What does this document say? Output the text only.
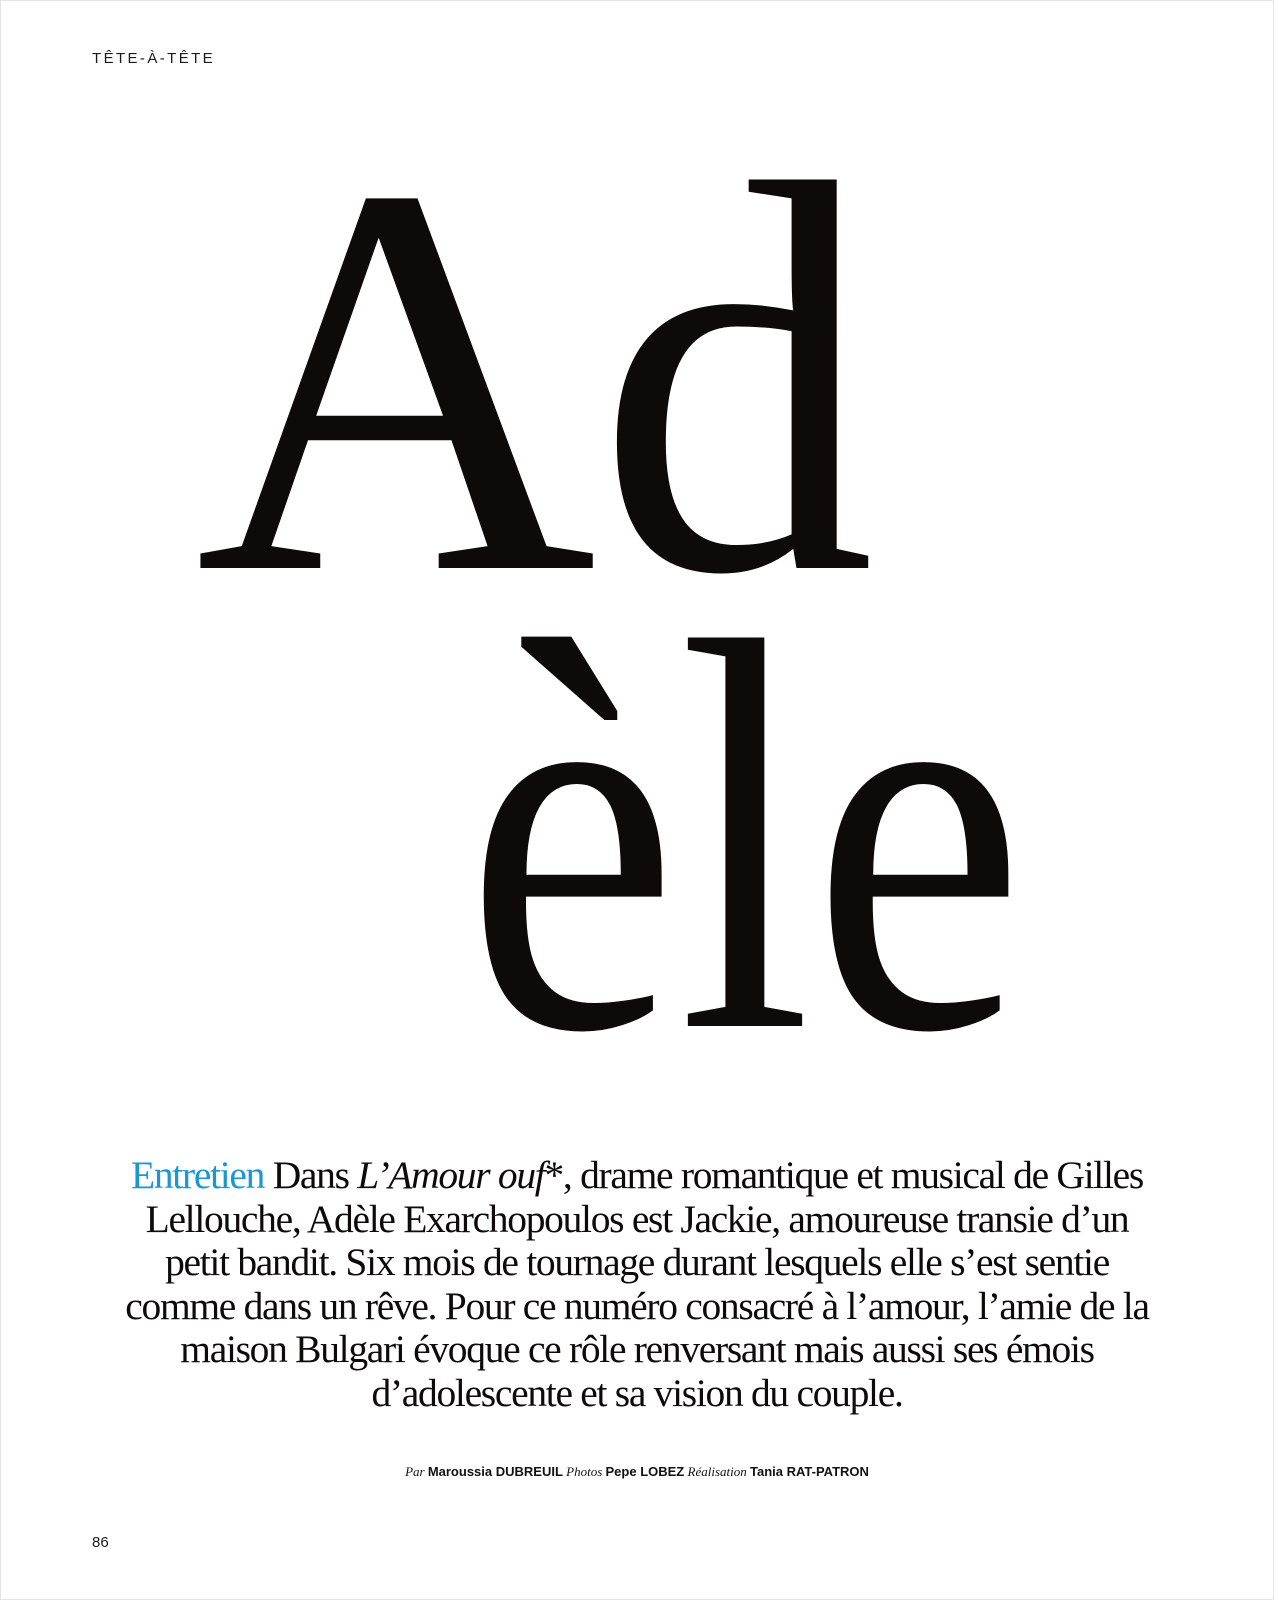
TÊTE-À-TÊTE
Ad
èle
Entretien Dans L’Amour ouf*, drame romantique et musical de Gilles Lellouche, Adèle Exarchopoulos est Jackie, amoureuse transie d’un petit bandit. Six mois de tournage durant lesquels elle s’est sentie comme dans un rêve. Pour ce numéro consacré à l’amour, l’amie de la maison Bulgari évoque ce rôle renversant mais aussi ses émois d’adolescente et sa vision du couple.
Par Maroussia DUBREUIL Photos Pepe LOBEZ Réalisation Tania RAT-PATRON
86
